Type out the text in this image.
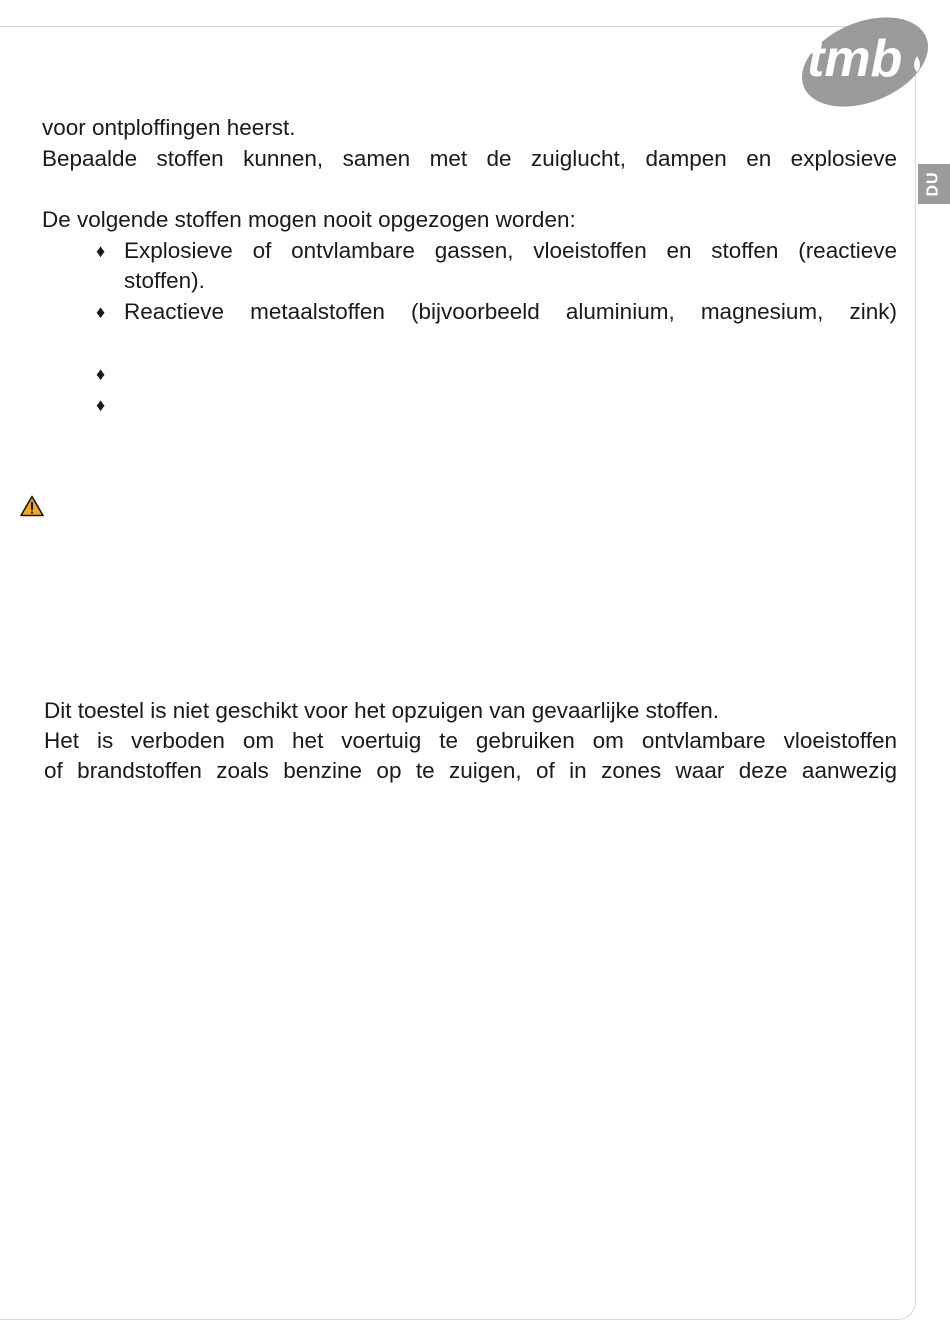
tmb
DU
voor ontploffingen heerst.
Bepaalde stoffen kunnen, samen met de zuiglucht, dampen en explosieve
De volgende stoffen mogen nooit opgezogen worden:
♦ Explosieve of ontvlambare gassen, vloeistoffen en stoffen (reactieve
stoffen).
♦ Reactieve metaalstoffen (bijvoorbeeld aluminium, magnesium, zink)
♦
♦
Dit toestel is niet geschikt voor het opzuigen van gevaarlijke stoffen.
Het is verboden om het voertuig te gebruiken om ontvlambare vloeistoffen
of brandstoffen zoals benzine op te zuigen, of in zones waar deze aanwezig
